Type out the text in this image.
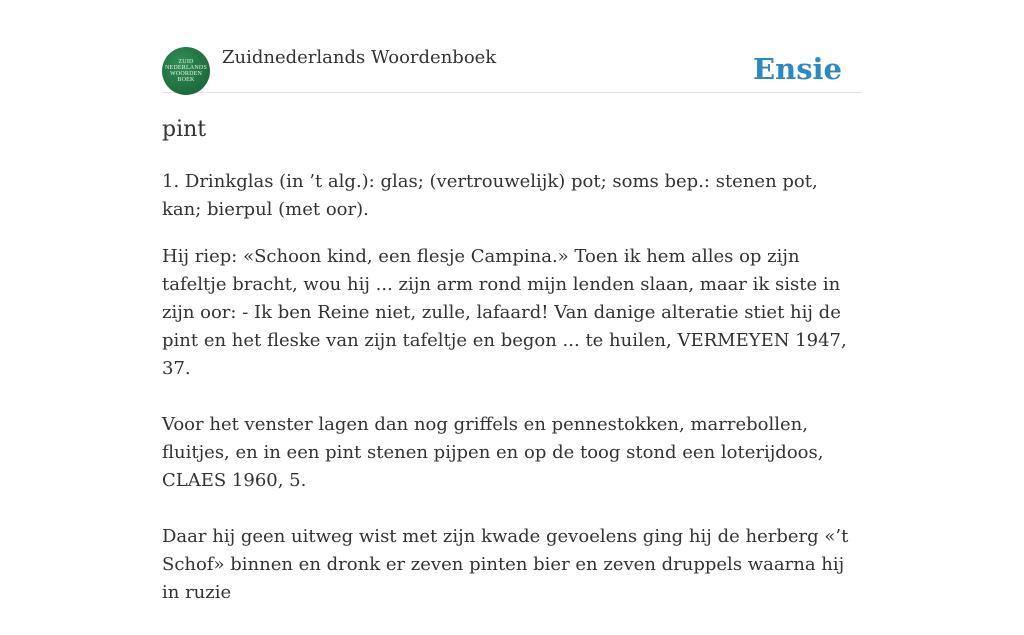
ZUID
NEDERLANDS
WOORDEN
BOEK
Zuidnederlands Woordenboek	Ensie
pint

1. Drinkglas (in ’t alg.): glas; (vertrouwelijk) pot; soms bep.: stenen pot, kan; bierpul (met oor).

Hij riep: «Schoon kind, een flesje Campina.» Toen ik hem alles op zijn tafeltje bracht, wou hij ... zijn arm rond mijn lenden slaan, maar ik siste in zijn oor: - Ik ben Reine niet, zulle, lafaard! Van danige alteratie stiet hij de pint en het fleske van zijn tafeltje en begon ... te huilen, VERMEYEN 1947, 37.

Voor het venster lagen dan nog griffels en pennestokken, marrebollen, fluitjes, en in een pint stenen pijpen en op de toog stond een loterijdoos, CLAES 1960, 5.

Daar hij geen uitweg wist met zijn kwade gevoelens ging hij de herberg «’t Schof» binnen en dronk er zeven pinten bier en zeven druppels waarna hij in ruzie
